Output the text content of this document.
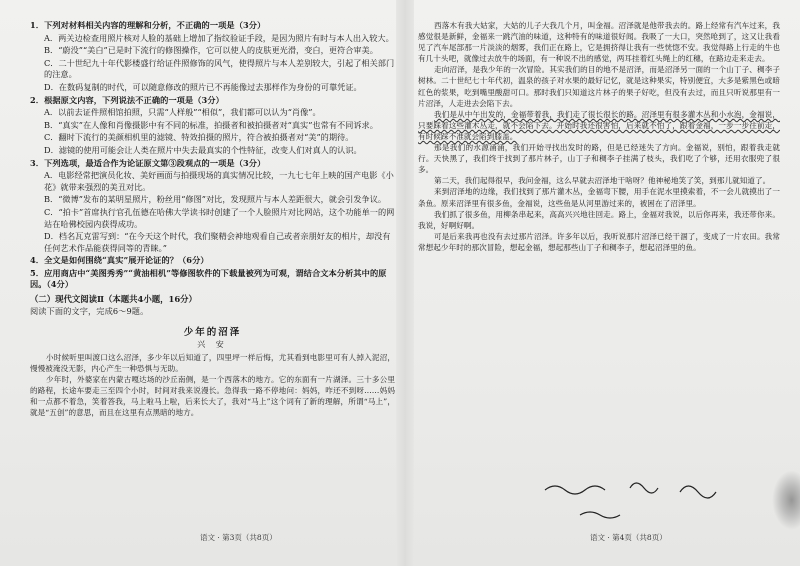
1．下列对材料相关内容的理解和分析，不正确的一项是（3分）

A．两关边检查用照片核对人脸的基础上增加了指纹验证手段，是因为照片有时与本人出入较大。

B．“蔚没”“美白”已是时下流行的修图操作，它可以使人的皮肤更光滑，变白，更符合审美。

C．二十世纪九十年代影楼盛行给证件照修饰的风气，使得照片与本人差别较大，引起了相关部门的注意。

D．在数码复制的时代，可以随意修改的照片已不再能像过去那样作为身份的可靠凭证。

2．根据原文内容，下列说法不正确的一项是（3分）

A．以前去证件照相馆拍照，只需“人样般”“相似”，我们都可以认为“肖像”。

B．“真实”在人像和肖像摄影中有不同的标准，拍摄者和被拍摄者对“真实”也常有不同诉求。

C．翻时下流行的美颜相机里的滤镜、特效拍摄的照片，符合被拍摄者对“美”的期待。

D．滤镜的使用可能会让人类在照片中失去最真实的个性特征，改变人们对真人的认识。

3．下列选项，最适合作为论证原文第③段观点的一项是（3分）

A．电影经常把演员化妆、美好画面与拍摄现场的真实情况比较，一九七七年上映的国产电影《小花》就带来强烈的美丑对比。

B．“微博”发布的某明星照片，粉丝用“修图”对比，发现照片与本人差距很大，就会引发争议。

C．“拍卡”首席执行官孔伍德在哈佛大学读书时创建了一个人脸照片对比网站，这个功能单一的网站在哈佛校园内获得成功。

D．档名瓦克雷写到：“在今天这个时代，我们聚精会神地观看自己或者亲朋好友的相片，却没有任何艺术作品能获得同等的青睐。”

4．全文是如何围绕“真实”展开论证的？（6分）

5．应用商店中“美图秀秀”“黄油相机”等修图软件的下载量被列为可观，谓结合文本分析其中的原因。（4分）

（二）现代文阅读Ⅱ（本题共4小题，16分）

阅读下面的文字，完成6～9题。

少年的沼泽

兴 安

小时候听里叫渡口这么沼泽，多少年以后知道了，四里坪一样后悔，尤其看到电影里可有人掉入泥沼，慢慢被淹没无影，内心产生一种恐惧与无助。

少年时，外婆家在内蒙古嘎达场的沙丘南侧，是一个西落木的地方。它的东面有一片湖泽。三十多公里的路程，长途车要走三至四个小时，时间对我来说漫长。急得我一路不停地问：妈妈，咋还不到呀……妈妈和一点都不着急，笑着答我，马上啦马上啦，后来长大了，我对“马上”这个词有了新的理解，所谓“马上”，就是“五创”的意思，而且在这里有点黑暗的地方。

西落木有我大姑家，大姑的儿子大我几个月，叫金福。沼泽就是他带我去的。路上经常有汽车过来，我感觉很是新鲜，金福来一跳汽油的味道，这种特有的味道很好闻。我吸了一大口，突然呛到了，这又让我看见了汽车尾部那一片淡淡的烟雾，我们正在路上，它是拥挤得让我有一些恍惚不安。我觉得路上行走的牛也有几十头吧，就像过去放牛的场面，有一种说不出的感觉，两耳挂着红头绳上的红穗，在路边走来走去。

走向沼泽，是我少年的一次冒险。其实我们的目的地不是沼泽，而是沼泽另一面的一个山丁子、稠李子树林。二十世纪七十年代初，温泉的孩子对水果的最好记忆，就是这种果实，特别便宜，大多是紫黑色或暗红色的浆果，吃到嘴里酸甜可口。那时我们只知道这片林子的果子好吃，但没有去过，而且只听说那里有一片沼泽，人走进去会陷下去。

我们是从中午出发的，金福带着我，我们走了很长很长的路。沼泽里有很多灌木丛和小水泡，金福说，只要踩着这些灌木丛走，就不会陷下去。开始时我还很害怕，后来就不怕了，跟着金福，一步一步往前走，有时候踩不准就会陷到膝盖。

那是我们的水源涌涌，我们开始寻找出发时的路，但是已经迷失了方向。金福说，别怕，跟着我走就行。天快黑了，我们终于找到了那片林子，山丁子和稠李子挂满了枝头，我们吃了个够，还用衣服兜了很多。

第二天，我们起得很早，我问金福，这么早就去沼泽地干啥呀？他神秘地笑了笑，到那儿就知道了。

来到沼泽地的边缘，我们找到了那片灌木丛，金福弯下腰，用手在泥水里摸索着，不一会儿就摸出了一条鱼。原来沼泽里有很多鱼，金福说，这些鱼是从河里游过来的，被困在了沼泽里。

我们抓了很多鱼，用柳条串起来，高高兴兴地往回走。路上，金福对我说，以后你再来，我还带你来。我说，好啊好啊。

可是后来我再也没有去过那片沼泽。许多年以后，我听说那片沼泽已经干涸了，变成了一片农田。我常常想起少年时的那次冒险，想起金福，想起那些山丁子和稠李子，想起沼泽里的鱼。

语文 · 第3页（共8页）	语文 · 第4页（共8页）
